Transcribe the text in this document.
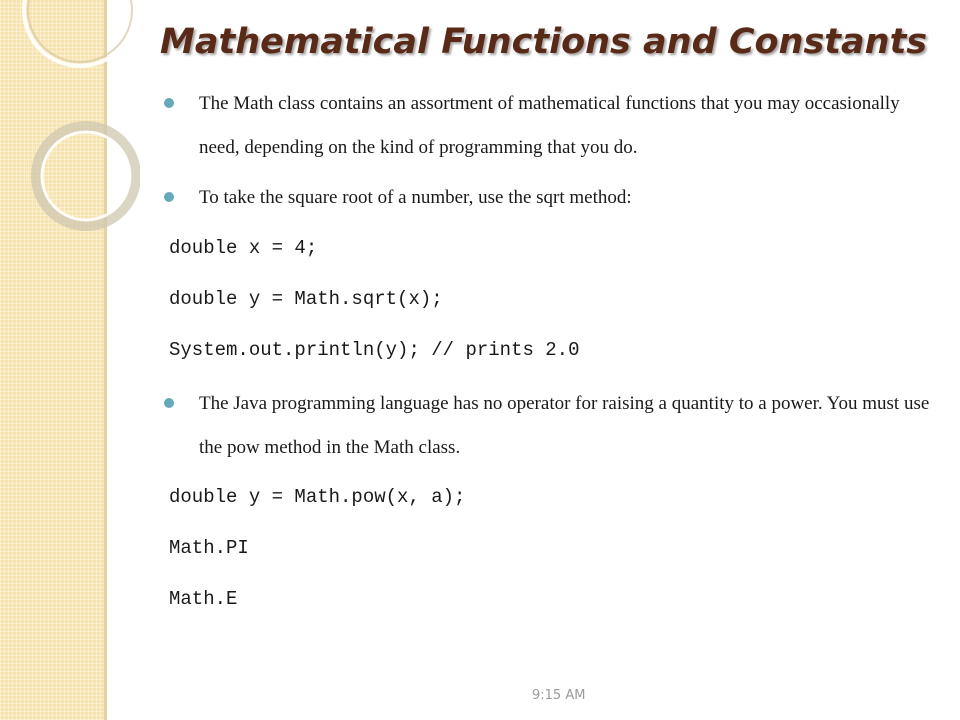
Mathematical Functions and Constants

The Math class contains an assortment of mathematical functions that you may occasionally need, depending on the kind of programming that you do.

To take the square root of a number, use the sqrt method:

double x = 4;
double y = Math.sqrt(x);
System.out.println(y); // prints 2.0

The Java programming language has no operator for raising a quantity to a power. You must use the pow method in the Math class.

double y = Math.pow(x, a);
Math.PI
Math.E
9:15 AM
